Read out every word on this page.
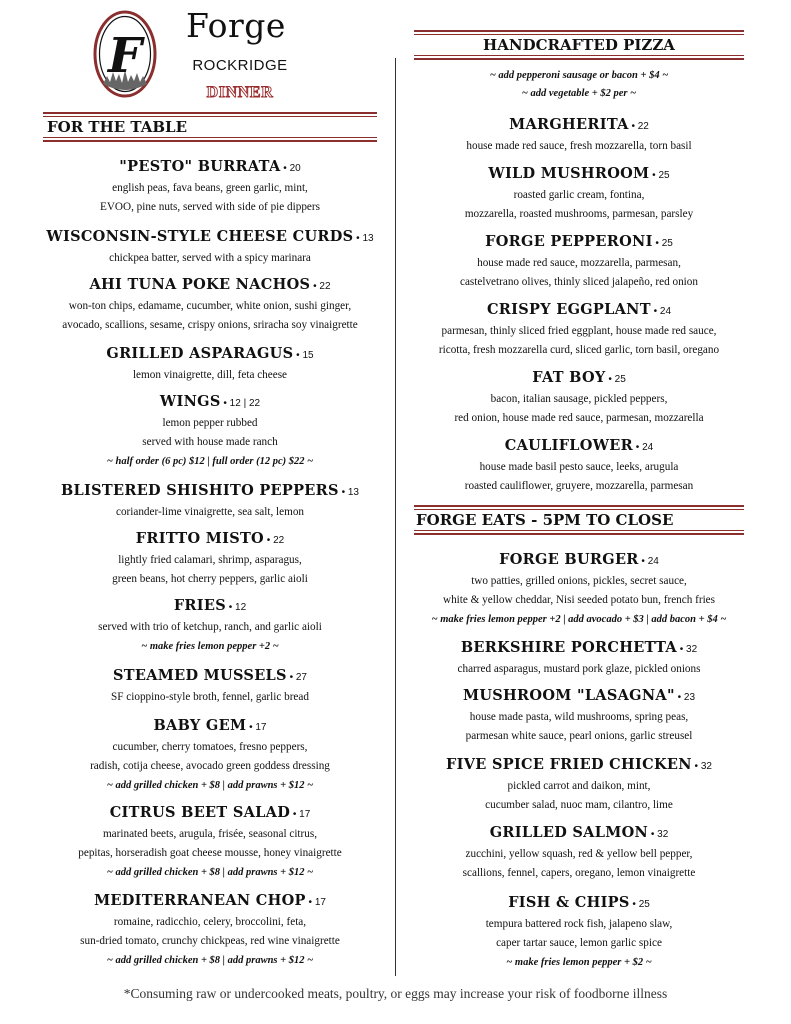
F
Forge
ROCKRIDGE
DINNER
FOR THE TABLE
HANDCRAFTED PIZZA
FORGE EATS - 5PM TO CLOSE
~ add pepperoni sausage or bacon + $4 ~
~ add vegetable + $2 per ~
"PESTO" BURRATA • 20
english peas, fava beans, green garlic, mint,
EVOO, pine nuts, served with side of pie dippers
WISCONSIN-STYLE CHEESE CURDS • 13
chickpea batter, served with a spicy marinara
AHI TUNA POKE NACHOS • 22
won-ton chips, edamame, cucumber, white onion, sushi ginger,
avocado, scallions, sesame, crispy onions, sriracha soy vinaigrette
GRILLED ASPARAGUS • 15
lemon vinaigrette, dill, feta cheese
WINGS • 12 | 22
lemon pepper rubbed
served with house made ranch
~ half order (6 pc) $12 | full order (12 pc) $22 ~
BLISTERED SHISHITO PEPPERS • 13
coriander-lime vinaigrette, sea salt, lemon
FRITTO MISTO • 22
lightly fried calamari, shrimp, asparagus,
green beans, hot cherry peppers, garlic aioli
FRIES • 12
served with trio of ketchup, ranch, and garlic aioli
~ make fries lemon pepper +2 ~
STEAMED MUSSELS • 27
SF cioppino-style broth, fennel, garlic bread
BABY GEM • 17
cucumber, cherry tomatoes, fresno peppers,
radish, cotija cheese, avocado green goddess dressing
~ add grilled chicken + $8 | add prawns + $12 ~
CITRUS BEET SALAD • 17
marinated beets, arugula, frisée, seasonal citrus,
pepitas, horseradish goat cheese mousse, honey vinaigrette
~ add grilled chicken + $8 | add prawns + $12 ~
MEDITERRANEAN CHOP • 17
romaine, radicchio, celery, broccolini, feta,
sun-dried tomato, crunchy chickpeas, red wine vinaigrette
~ add grilled chicken + $8 | add prawns + $12 ~
MARGHERITA • 22
house made red sauce, fresh mozzarella, torn basil
WILD MUSHROOM • 25
roasted garlic cream, fontina,
mozzarella, roasted mushrooms, parmesan, parsley
FORGE PEPPERONI • 25
house made red sauce, mozzarella, parmesan,
castelvetrano olives, thinly sliced jalapeño, red onion
CRISPY EGGPLANT • 24
parmesan, thinly sliced fried eggplant, house made red sauce,
ricotta, fresh mozzarella curd, sliced garlic, torn basil, oregano
FAT BOY • 25
bacon, italian sausage, pickled peppers,
red onion, house made red sauce, parmesan, mozzarella
CAULIFLOWER • 24
house made basil pesto sauce, leeks, arugula
roasted cauliflower, gruyere, mozzarella, parmesan
FORGE BURGER • 24
two patties, grilled onions, pickles, secret sauce,
white & yellow cheddar, Nisi seeded potato bun, french fries
~ make fries lemon pepper +2 | add avocado + $3 | add bacon + $4 ~
BERKSHIRE PORCHETTA • 32
charred asparagus, mustard pork glaze, pickled onions
MUSHROOM "LASAGNA" • 23
house made pasta, wild mushrooms, spring peas,
parmesan white sauce, pearl onions, garlic streusel
FIVE SPICE FRIED CHICKEN • 32
pickled carrot and daikon, mint,
cucumber salad, nuoc mam, cilantro, lime
GRILLED SALMON • 32
zucchini, yellow squash, red & yellow bell pepper,
scallions, fennel, capers, oregano, lemon vinaigrette
FISH & CHIPS • 25
tempura battered rock fish, jalapeno slaw,
caper tartar sauce, lemon garlic spice
~ make fries lemon pepper + $2 ~
*Consuming raw or undercooked meats, poultry, or eggs may increase your risk of foodborne illness
